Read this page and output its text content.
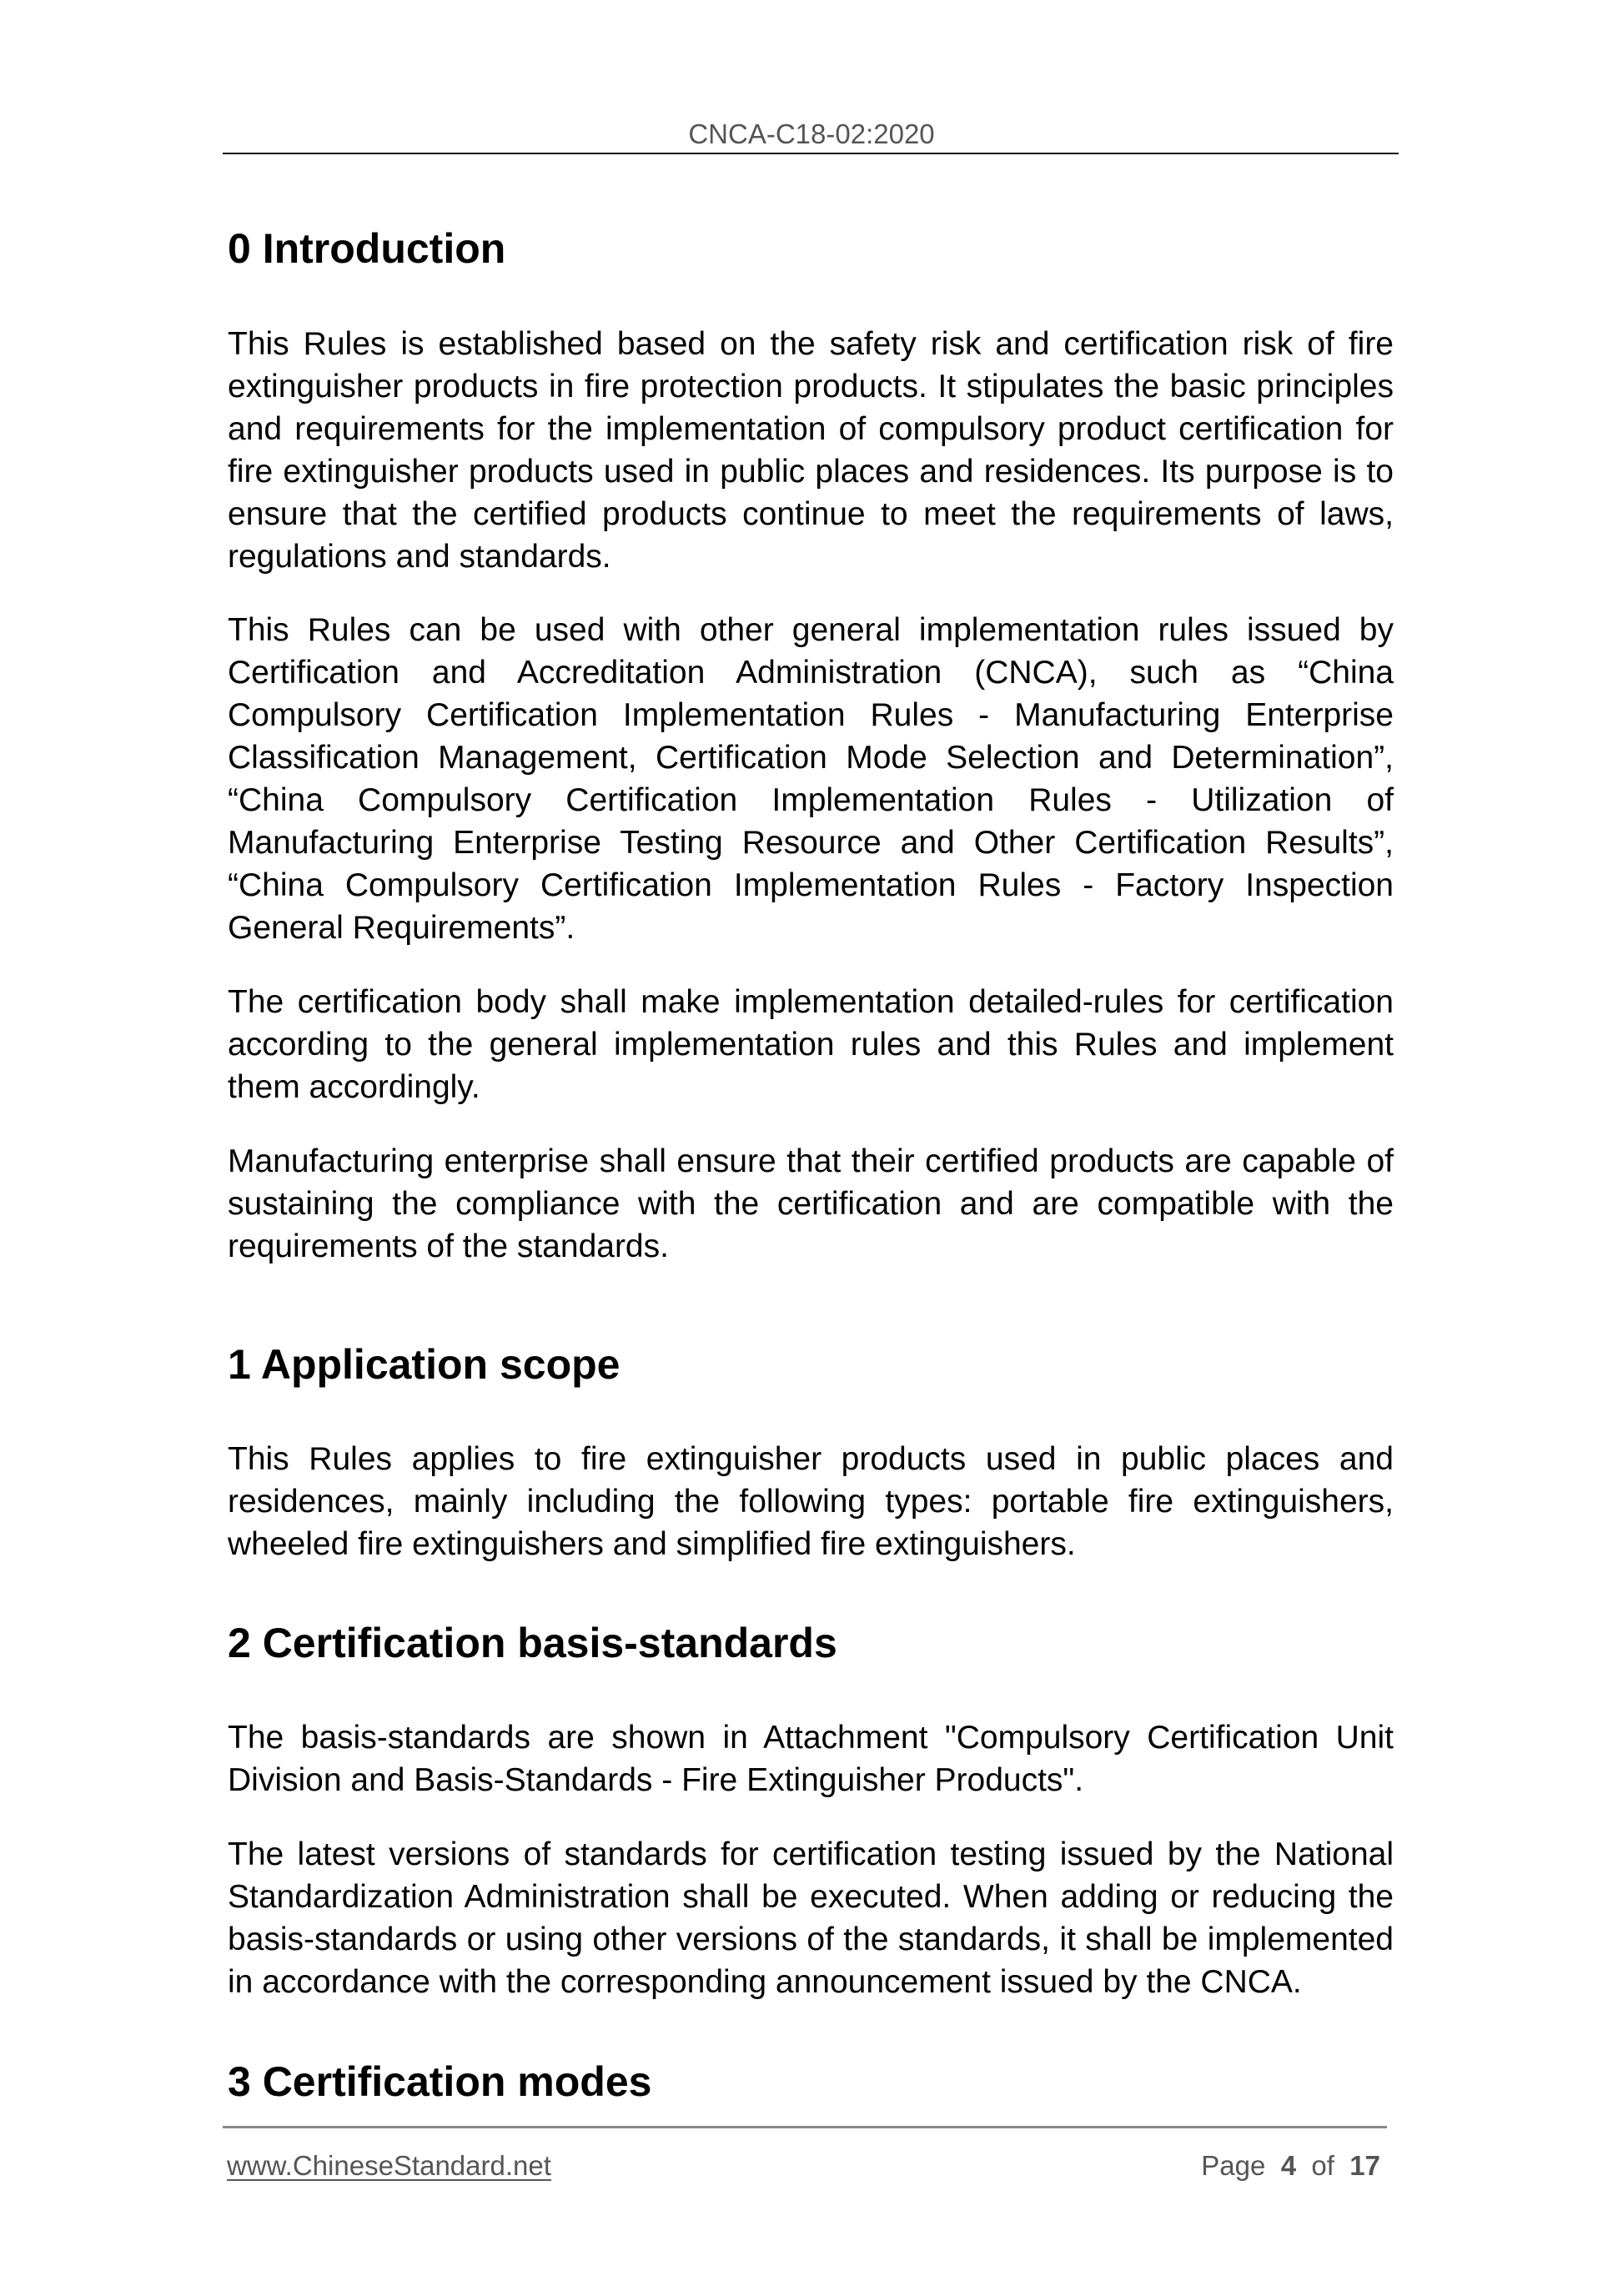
CNCA-C18-02:2020
0 Introduction
This Rules is established based on the safety risk and certification risk of fire
extinguisher products in fire protection products. It stipulates the basic principles
and requirements for the implementation of compulsory product certification for
fire extinguisher products used in public places and residences. Its purpose is to
ensure that the certified products continue to meet the requirements of laws,
regulations and standards.
This Rules can be used with other general implementation rules issued by
Certification and Accreditation Administration (CNCA), such as “China
Compulsory Certification Implementation Rules - Manufacturing Enterprise
Classification Management, Certification Mode Selection and Determination”,
“China Compulsory Certification Implementation Rules - Utilization of
Manufacturing Enterprise Testing Resource and Other Certification Results”,
“China Compulsory Certification Implementation Rules - Factory Inspection
General Requirements”.
The certification body shall make implementation detailed-rules for certification
according to the general implementation rules and this Rules and implement
them accordingly.
Manufacturing enterprise shall ensure that their certified products are capable of
sustaining the compliance with the certification and are compatible with the
requirements of the standards.
1 Application scope
This Rules applies to fire extinguisher products used in public places and
residences, mainly including the following types: portable fire extinguishers,
wheeled fire extinguishers and simplified fire extinguishers.
2 Certification basis-standards
The basis-standards are shown in Attachment "Compulsory Certification Unit
Division and Basis-Standards - Fire Extinguisher Products".
The latest versions of standards for certification testing issued by the National
Standardization Administration shall be executed. When adding or reducing the
basis-standards or using other versions of the standards, it shall be implemented
in accordance with the corresponding announcement issued by the CNCA.
3 Certification modes
www.ChineseStandard.net	Page 4 of 17
